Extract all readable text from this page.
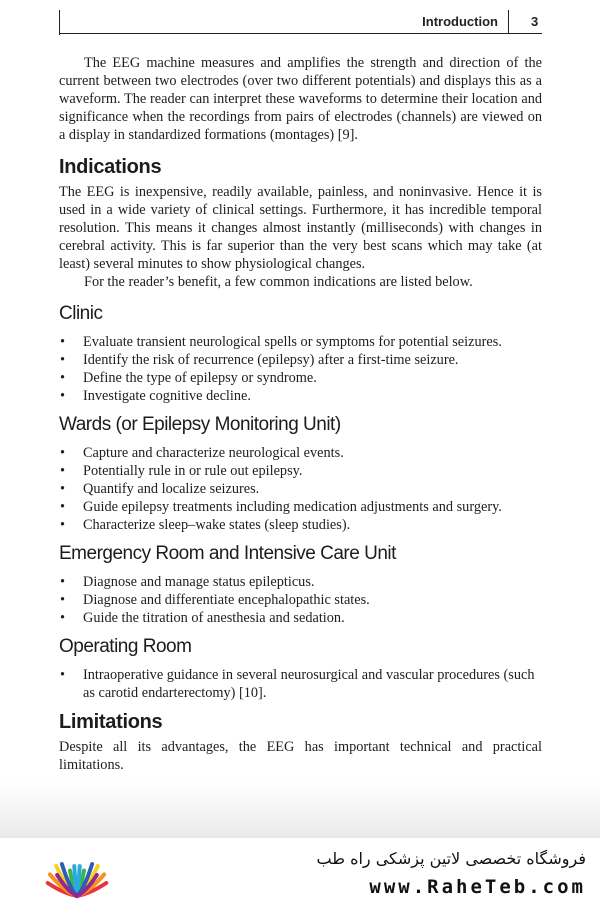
Introduction	3

The EEG machine measures and amplifies the strength and direction of the current between two electrodes (over two different potentials) and displays this as a waveform. The reader can interpret these waveforms to determine their location and significance when the recordings from pairs of electrodes (channels) are viewed on a display in standardized formations (montages) [9].

Indications

The EEG is inexpensive, readily available, painless, and noninvasive. Hence it is used in a wide variety of clinical settings. Furthermore, it has incredible temporal resolution. This means it changes almost instantly (milliseconds) with changes in cerebral activity. This is far superior than the very best scans which may take (at least) several minutes to show physiological changes.

For the reader’s benefit, a few common indications are listed below.

Clinic
• Evaluate transient neurological spells or symptoms for potential seizures.
• Identify the risk of recurrence (epilepsy) after a first-time seizure.
• Define the type of epilepsy or syndrome.
• Investigate cognitive decline.
Wards (or Epilepsy Monitoring Unit)
• Capture and characterize neurological events.
• Potentially rule in or rule out epilepsy.
• Quantify and localize seizures.
• Guide epilepsy treatments including medication adjustments and surgery.
• Characterize sleep–wake states (sleep studies).
Emergency Room and Intensive Care Unit
• Diagnose and manage status epilepticus.
• Diagnose and differentiate encephalopathic states.
• Guide the titration of anesthesia and sedation.
Operating Room
• Intraoperative guidance in several neurosurgical and vascular procedures (such as carotid endarterectomy) [10].
Limitations

Despite all its advantages, the EEG has important technical and practical limitations.

فروشگاه تخصصی لاتین پزشکی راه طب
www.RaheTeb.com
